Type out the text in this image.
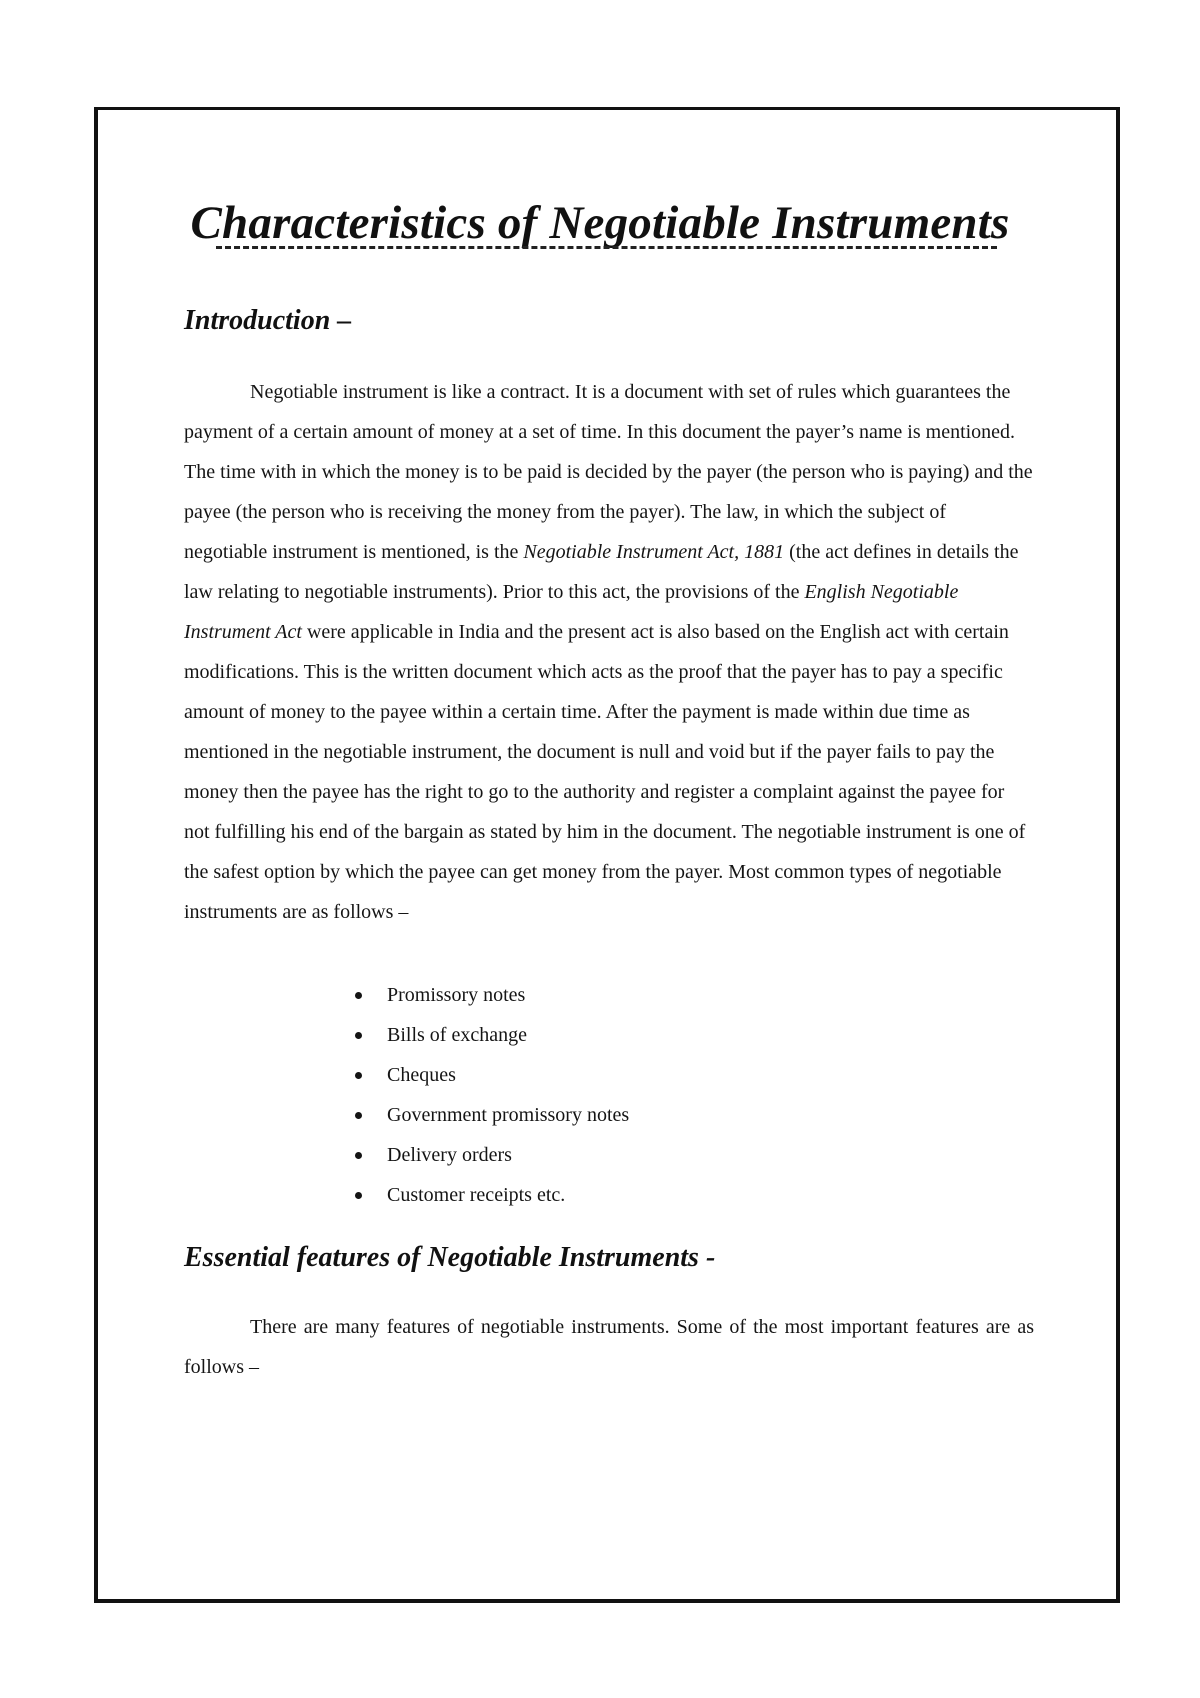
Characteristics of Negotiable Instruments
Introduction –

Negotiable instrument is like a contract. It is a document with set of rules which guarantees the payment of a certain amount of money at a set of time. In this document the payer’s name is mentioned. The time with in which the money is to be paid is decided by the payer (the person who is paying) and the payee (the person who is receiving the money from the payer). The law, in which the subject of negotiable instrument is mentioned, is the Negotiable Instrument Act, 1881 (the act defines in details the law relating to negotiable instruments). Prior to this act, the provisions of the English Negotiable Instrument Act were applicable in India and the present act is also based on the English act with certain modifications. This is the written document which acts as the proof that the payer has to pay a specific amount of money to the payee within a certain time. After the payment is made within due time as mentioned in the negotiable instrument, the document is null and void but if the payer fails to pay the money then the payee has the right to go to the authority and register a complaint against the payee for not fulfilling his end of the bargain as stated by him in the document. The negotiable instrument is one of the safest option by which the payee can get money from the payer. Most common types of negotiable instruments are as follows –

Promissory notes
Bills of exchange
Cheques
Government promissory notes
Delivery orders
Customer receipts etc.
Essential features of Negotiable Instruments -

There are many features of negotiable instruments. Some of the most important features are as follows –
